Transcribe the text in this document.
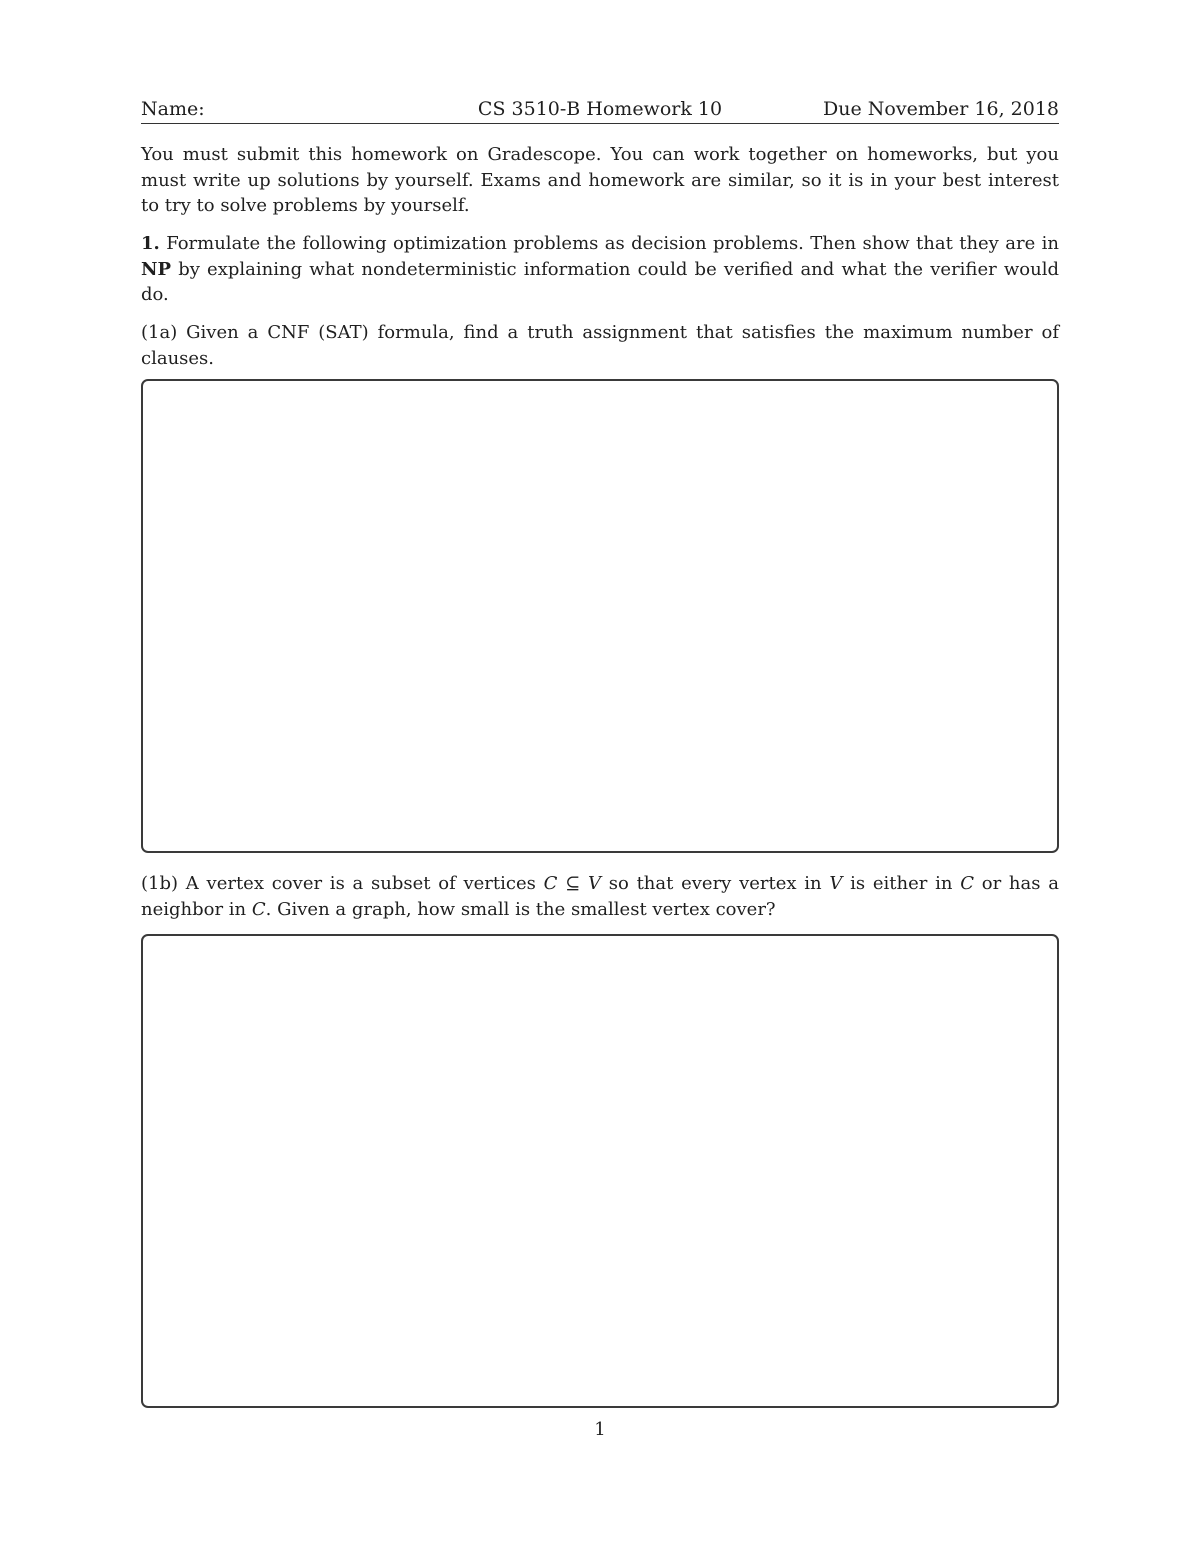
Name:	CS 3510-B Homework 10	Due November 16, 2018

You must submit this homework on Gradescope. You can work together on homeworks, but you must write up solutions by yourself. Exams and homework are similar, so it is in your best interest to try to solve problems by yourself.

1. Formulate the following optimization problems as decision problems. Then show that they are in NP by explaining what nondeterministic information could be verified and what the verifier would do.

(1a) Given a CNF (SAT) formula, find a truth assignment that satisfies the maximum number of clauses.

(1b) A vertex cover is a subset of vertices C ⊆ V so that every vertex in V is either in C or has a neighbor in C. Given a graph, how small is the smallest vertex cover?

1
